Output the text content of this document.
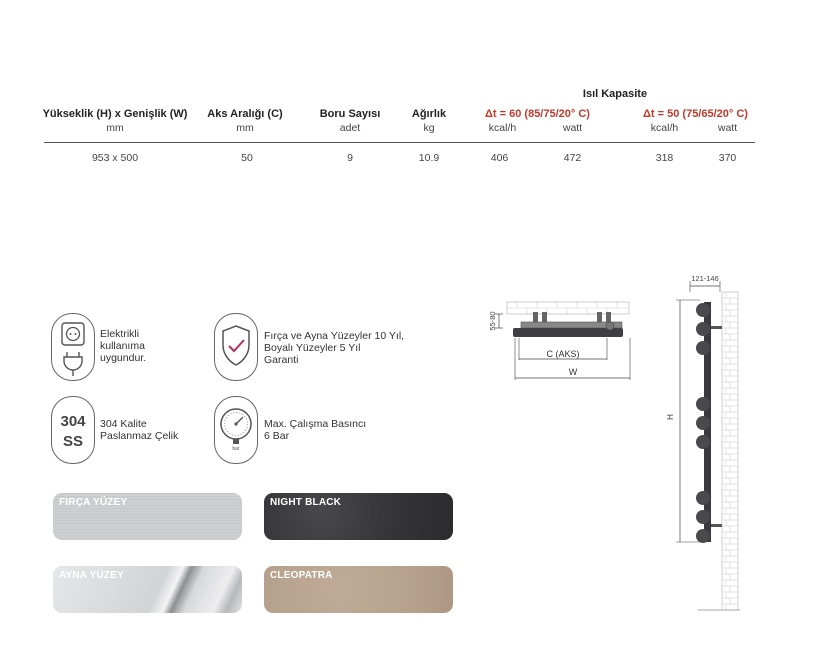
Isıl Kapasite
Yükseklik (H) x Genişlik (W)	Aks Aralığı (C)	Boru Sayısı	Ağırlık	Δt = 60 (85/75/20° C)	Δt = 50 (75/65/20° C)
mm	mm	adet	kg	kcal/h	watt	kcal/h	watt
953 x 500	50	9	10.9	406	472	318	370
Elektrikli
kullanıma
uygundur.
Fırça ve Ayna Yüzeyler 10 Yıl,
Boyalı Yüzeyler 5 Yıl
Garanti
304
SS
304 Kalite
Paslanmaz Çelik
bar
Max. Çalışma Basıncı
6 Bar
FIRÇA YÜZEY	NIGHT BLACK
AYNA YÜZEY	CLEOPATRA
55-80
C (AKS)
W
121-146
H
